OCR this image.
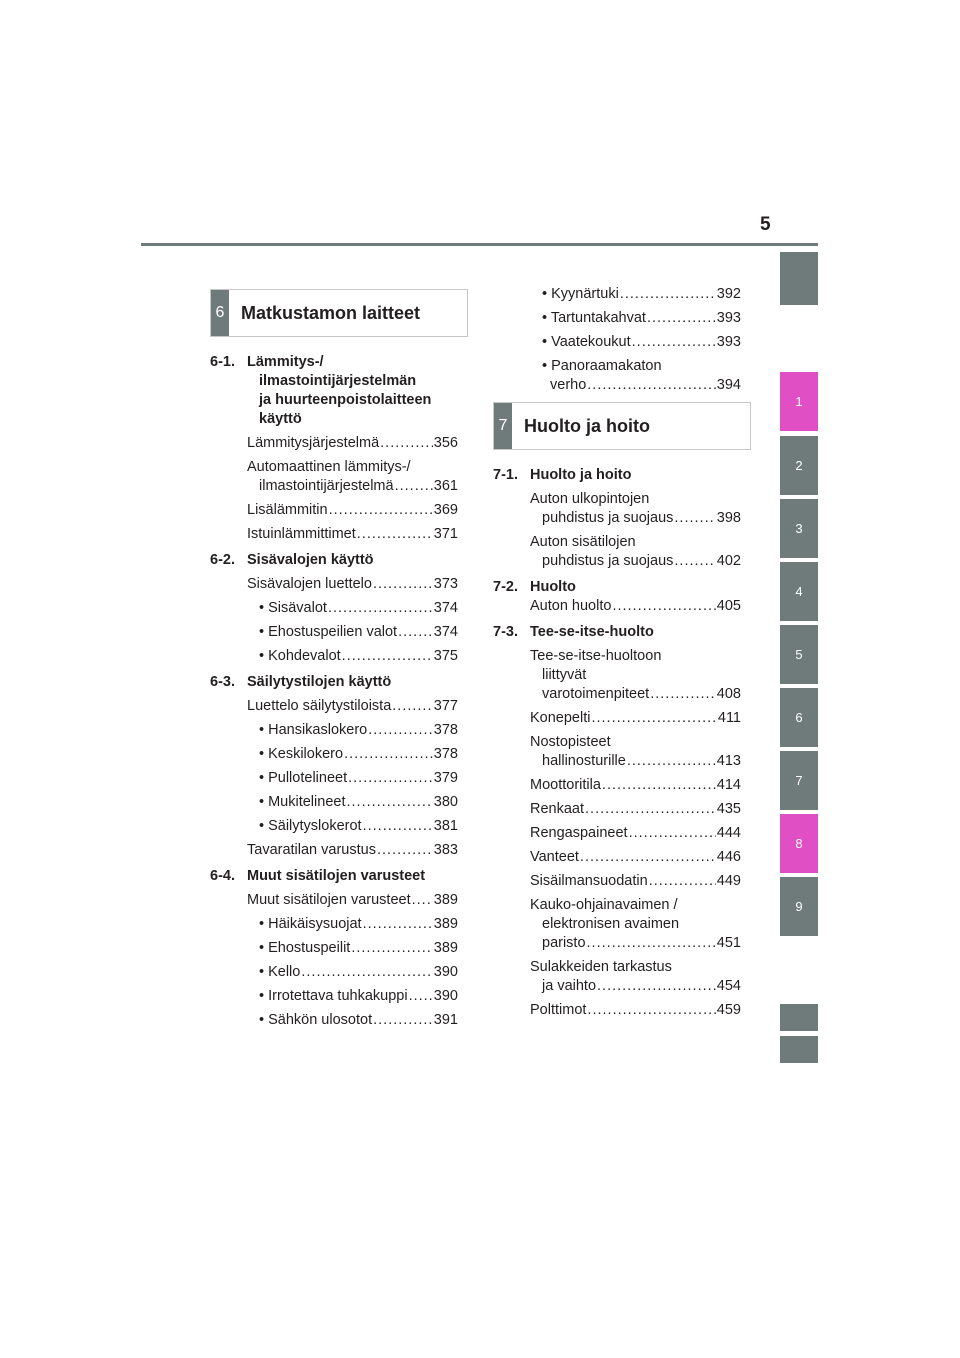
5
1
2
3
4
5
6
7
8
9
6 Matkustamon laitteet
6-1. Lämmitys-/
ilmastointijärjestelmän
ja huurteenpoistolaitteen
käyttö
Lämmitysjärjestelmä .....	356
Automaattinen lämmitys-/
ilmastointijärjestelmä .....	361
Lisälämmitin .....	369
Istuinlämmittimet .....	371
6-2. Sisävalojen käyttö
Sisävalojen luettelo .....	373
• Sisävalot .....	374
• Ehostuspeilien valot .....	374
• Kohdevalot .....	375
6-3. Säilytystilojen käyttö
Luettelo säilytystiloista .....	377
• Hansikaslokero .....	378
• Keskilokero .....	378
• Pullotelineet .....	379
• Mukitelineet .....	380
• Säilytyslokerot .....	381
Tavaratilan varustus .....	383
6-4. Muut sisätilojen varusteet
Muut sisätilojen varusteet ..... 389
• Häikäisysuojat .....	389
• Ehostuspeilit .....	389
• Kello .....	390
• Irrotettava tuhkakuppi ..... 390
• Sähkön ulosotot .....	391
• Kyynärtuki .....	392
• Tartuntakahvat .....	393
• Vaatekoukut .....	393
• Panoraamakaton
verho .....	394
7 Huolto ja hoito
7-1. Huolto ja hoito
Auton ulkopintojen
puhdistus ja suojaus .....	398
Auton sisätilojen
puhdistus ja suojaus .....	402
7-2. Huolto
Auton huolto .....	405
7-3. Tee-se-itse-huolto
Tee-se-itse-huoltoon
liittyvät
varotoimenpiteet .....	408
Konepelti .....	411
Nostopisteet
hallinosturille .....	413
Moottoritila .....	414
Renkaat .....	435
Rengaspaineet .....	444
Vanteet .....	446
Sisäilmansuodatin .....	449
Kauko-ohjainavaimen /
elektronisen avaimen
paristo .....	451
Sulakkeiden tarkastus
ja vaihto .....	454
Polttimot .....	459
